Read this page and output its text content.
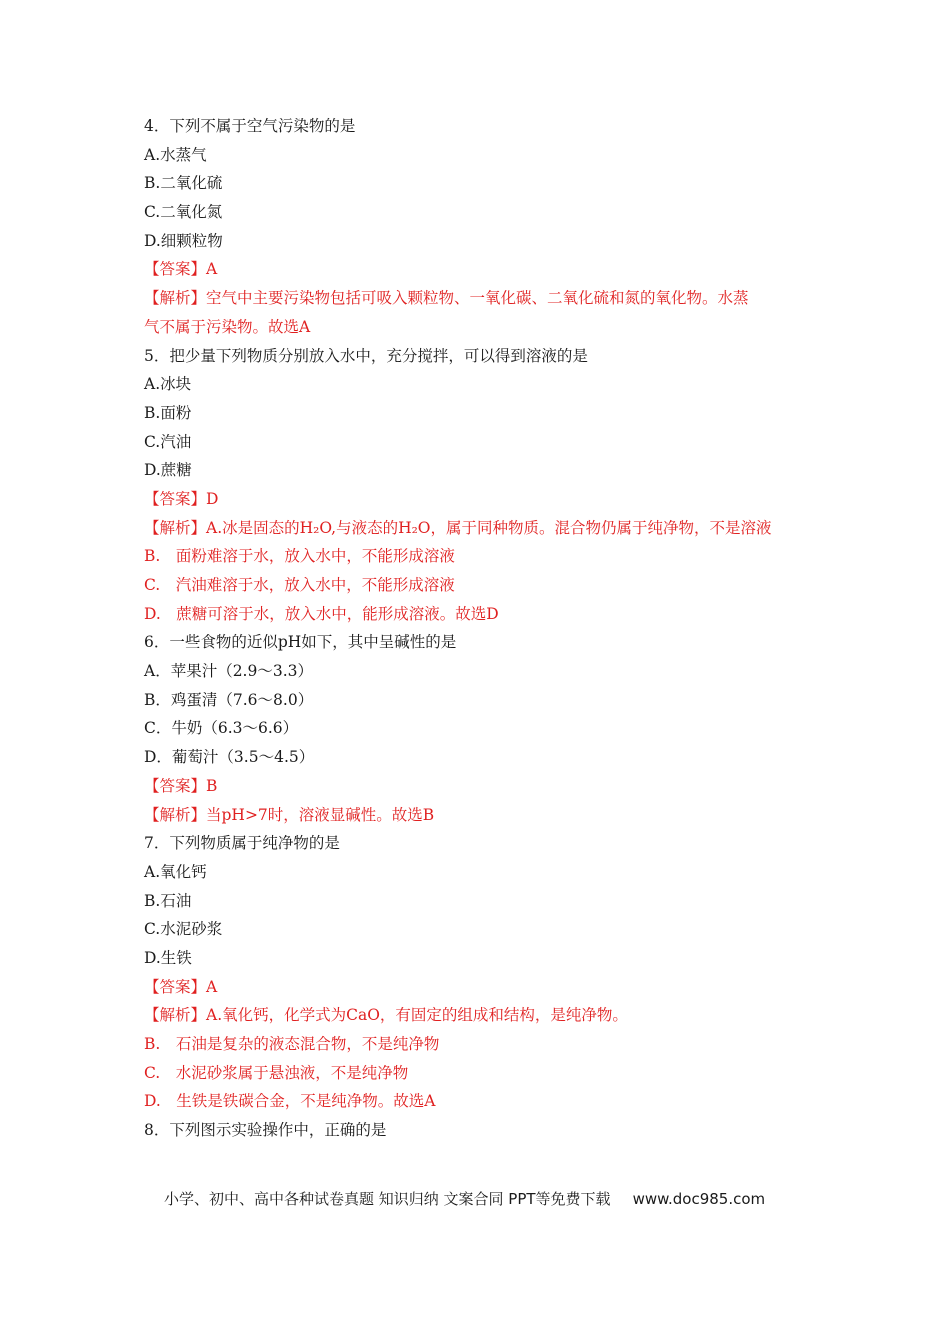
4．下列不属于空气污染物的是
A.水蒸气
B.二氧化硫
C.二氧化氮
D.细颗粒物
【答案】A
【解析】空气中主要污染物包括可吸入颗粒物、一氧化碳、二氧化硫和氮的氧化物。水蒸
气不属于污染物。故选A
5．把少量下列物质分别放入水中，充分搅拌，可以得到溶液的是
A.冰块
B.面粉
C.汽油
D.蔗糖
【答案】D
【解析】A.冰是固态的H₂O,与液态的H₂O，属于同种物质。混合物仍属于纯净物，不是溶液
B.　面粉难溶于水，放入水中，不能形成溶液
C.　汽油难溶于水，放入水中，不能形成溶液
D.　蔗糖可溶于水，放入水中，能形成溶液。故选D
6．一些食物的近似pH如下，其中呈碱性的是
A．苹果汁（2.9～3.3）
B．鸡蛋清（7.6～8.0）
C．牛奶（6.3～6.6）
D．葡萄汁（3.5～4.5）
【答案】B
【解析】当pH>7时，溶液显碱性。故选B
7．下列物质属于纯净物的是
A.氧化钙
B.石油
C.水泥砂浆
D.生铁
【答案】A
【解析】A.氧化钙，化学式为CaO，有固定的组成和结构，是纯净物。
B.　石油是复杂的液态混合物，不是纯净物
C.　水泥砂浆属于悬浊液，不是纯净物
D.　生铁是铁碳合金，不是纯净物。故选A
8．下列图示实验操作中，正确的是
小学、初中、高中各种试卷真题 知识归纳 文案合同 PPT等免费下载 www.doc985.com
